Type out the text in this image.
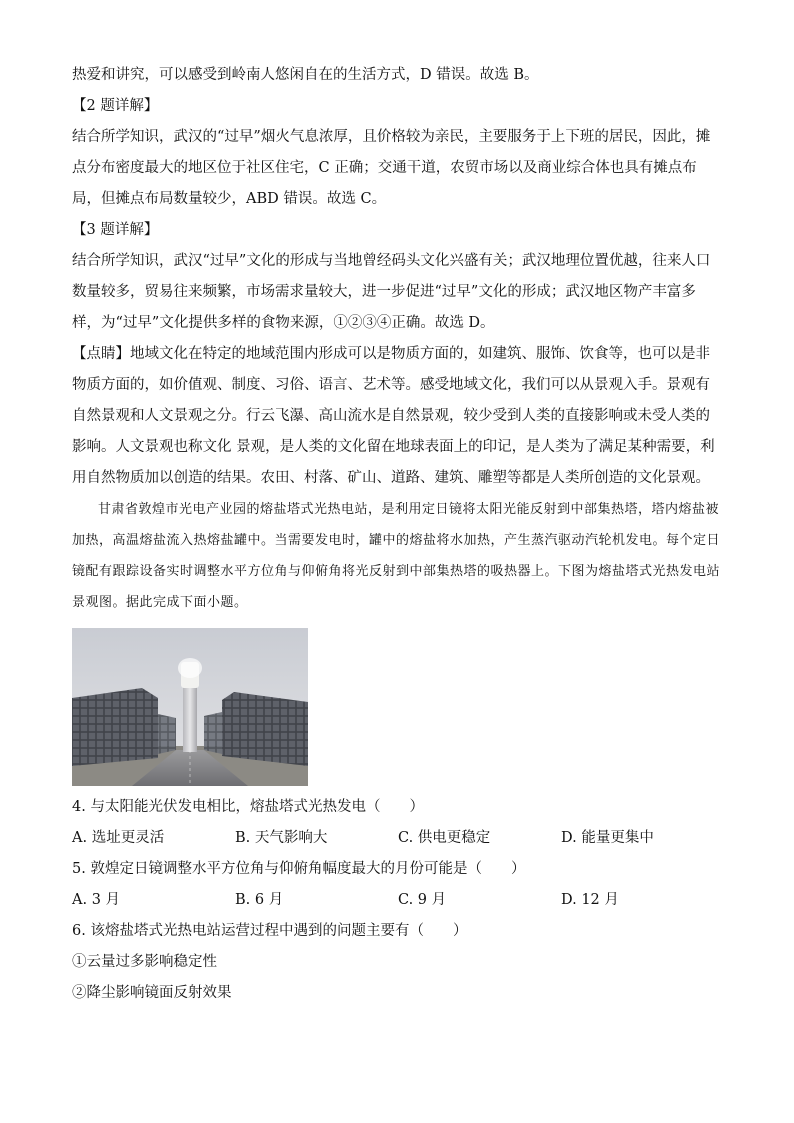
热爱和讲究，可以感受到岭南人悠闲自在的生活方式，D 错误。故选 B。

【2 题详解】

结合所学知识，武汉的“过早”烟火气息浓厚，且价格较为亲民，主要服务于上下班的居民，因此，摊点分布密度最大的地区位于社区住宅，C 正确；交通干道，农贸市场以及商业综合体也具有摊点布局，但摊点布局数量较少，ABD 错误。故选 C。

【3 题详解】

结合所学知识，武汉“过早”文化的形成与当地曾经码头文化兴盛有关；武汉地理位置优越，往来人口数量较多，贸易往来频繁，市场需求量较大，进一步促进“过早”文化的形成；武汉地区物产丰富多样，为“过早”文化提供多样的食物来源，①②③④正确。故选 D。

【点睛】地域文化在特定的地域范围内形成可以是物质方面的，如建筑、服饰、饮食等，也可以是非物质方面的，如价值观、制度、习俗、语言、艺术等。感受地域文化，我们可以从景观入手。景观有自然景观和人文景观之分。行云飞瀑、高山流水是自然景观，较少受到人类的直接影响或未受人类的影响。人文景观也称文化 景观，是人类的文化留在地球表面上的印记，是人类为了满足某种需要，利用自然物质加以创造的结果。农田、村落、矿山、道路、建筑、雕塑等都是人类所创造的文化景观。

甘肃省敦煌市光电产业园的熔盐塔式光热电站，是利用定日镜将太阳光能反射到中部集热塔，塔内熔盐被加热，高温熔盐流入热熔盐罐中。当需要发电时，罐中的熔盐将水加热，产生蒸汽驱动汽轮机发电。每个定日镜配有跟踪设备实时调整水平方位角与仰俯角将光反射到中部集热塔的吸热器上。下图为熔盐塔式光热发电站景观图。据此完成下面小题。

4. 与太阳能光伏发电相比，熔盐塔式光热发电（　　）

A. 选址更灵活	B. 天气影响大	C. 供电更稳定	D. 能量更集中

5. 敦煌定日镜调整水平方位角与仰俯角幅度最大的月份可能是（　　）

A. 3 月	B. 6 月	C. 9 月	D. 12 月

6. 该熔盐塔式光热电站运营过程中遇到的问题主要有（　　）

①云量过多影响稳定性

②降尘影响镜面反射效果
